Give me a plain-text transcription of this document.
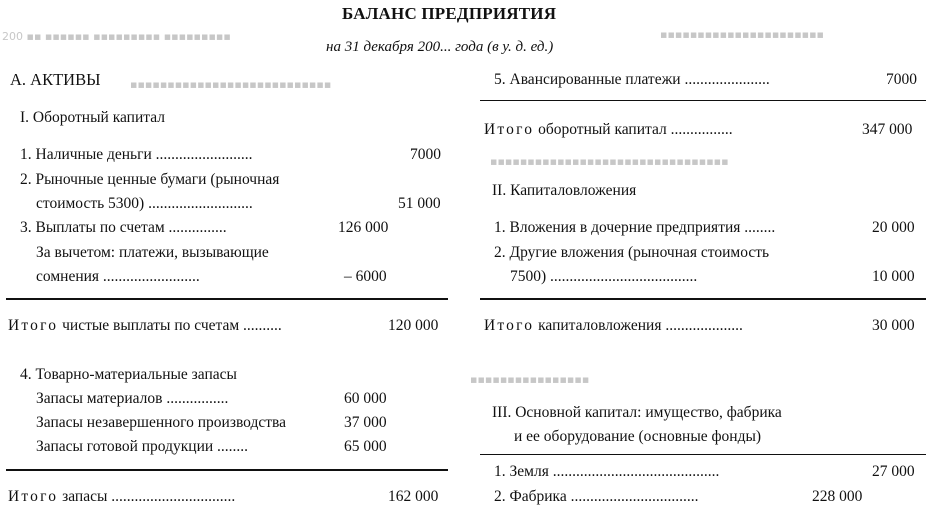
200 ▪▪ ▪▪▪▪▪▪ ▪▪▪▪▪▪▪▪▪ ▪▪▪▪▪▪▪▪▪	▪▪▪▪▪▪▪▪▪▪▪▪▪▪▪▪▪▪▪▪▪▪
▪▪▪▪▪▪▪▪▪▪▪▪▪▪▪▪▪▪▪▪▪▪▪▪▪▪▪
▪▪▪▪▪▪▪▪▪▪▪▪▪▪▪▪▪▪▪▪▪▪▪▪▪▪▪▪▪▪▪▪
▪▪▪▪▪▪▪▪▪▪▪▪▪▪▪▪
БАЛАНС ПРЕДПРИЯТИЯ
на 31 декабря 200... года (в у. д. ед.)
А. АКТИВЫ
I. Оборотный капитал
1. Наличные деньги .........................	7000
2. Рыночные ценные бумаги (рыночная
стоимость 5300) ...........................	51 000
3. Выплаты по счетам ...............	126 000
За вычетом: платежи, вызывающие
сомнения .........................	– 6000
Итого чистые выплаты по счетам ..........	120 000
4. Товарно-материальные запасы
Запасы материалов ................	60 000
Запасы незавершенного производства	37 000
Запасы готовой продукции ........	65 000
Итого запасы ................................	162 000
5. Авансированные платежи ......................	7000
Итого оборотный капитал ................	347 000
II. Капиталовложения
1. Вложения в дочерние предприятия ........	20 000
2. Другие вложения (рыночная стоимость
7500) ......................................	10 000
Итого капиталовложения ....................	30 000
III. Основной капитал: имущество, фабрика
и ее оборудование (основные фонды)
1. Земля ...........................................	27 000
2. Фабрика .................................	228 000
